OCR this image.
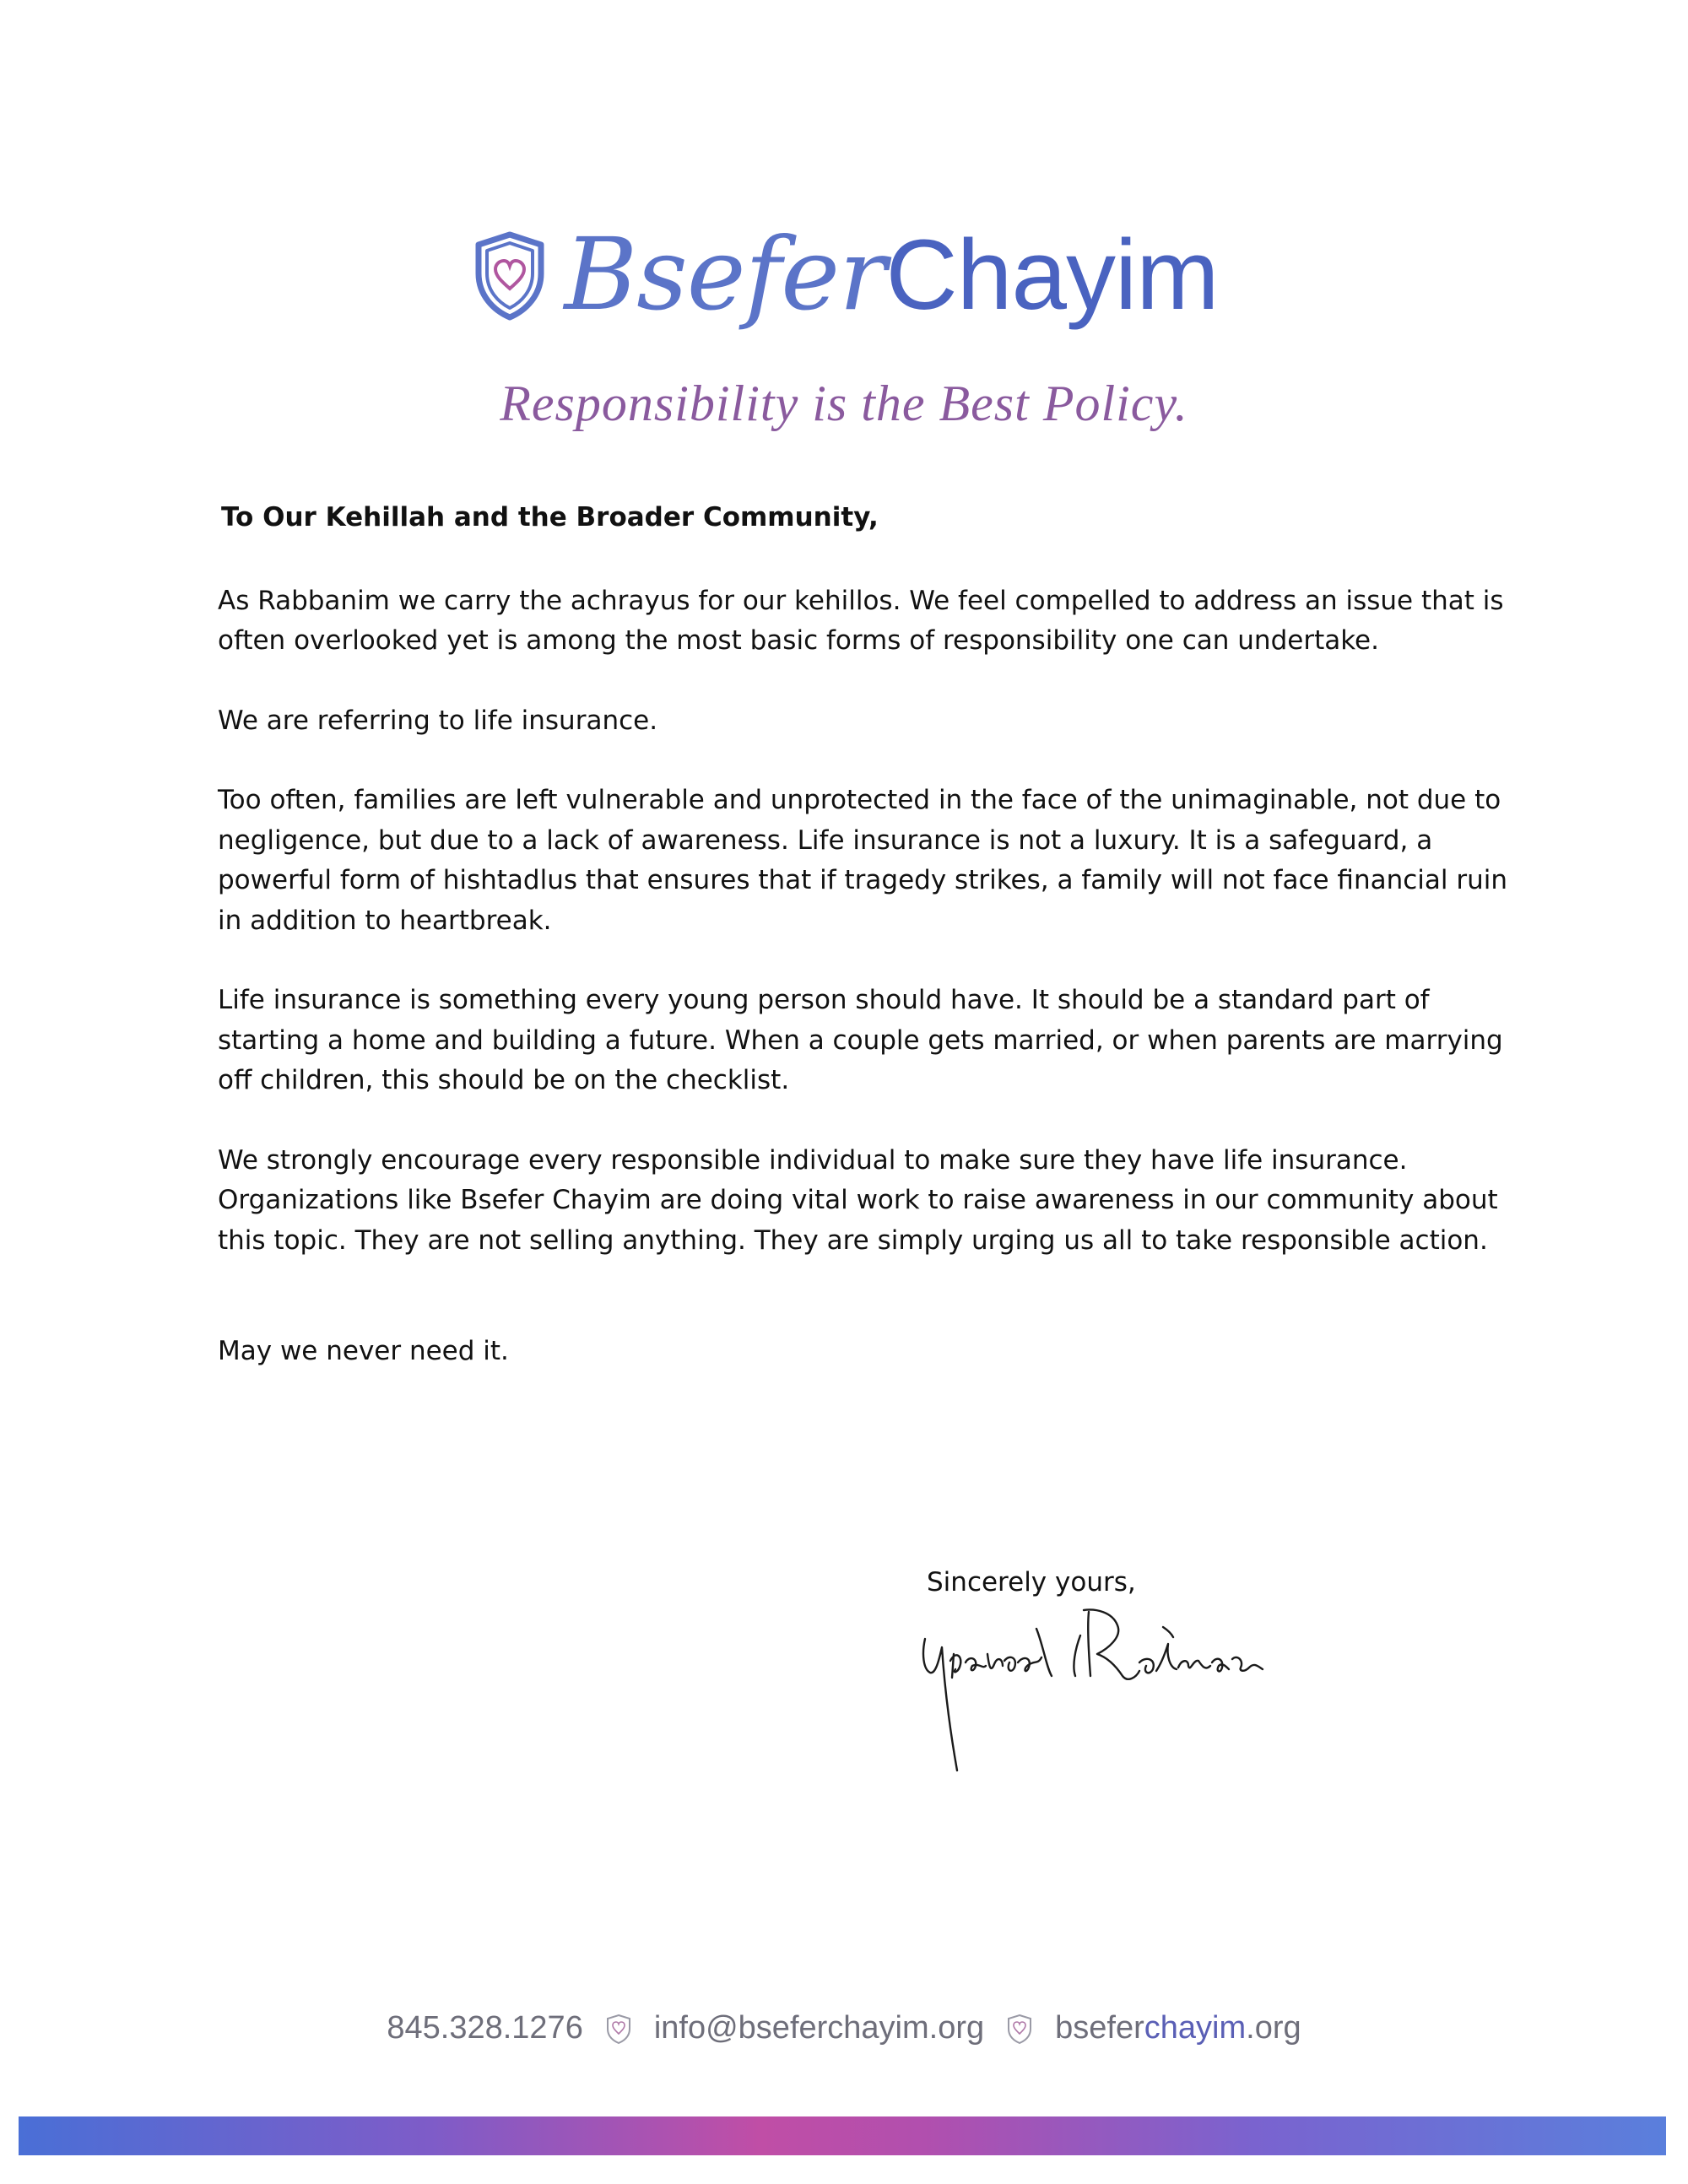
BseferChayim
Responsibility is the Best Policy.
To Our Kehillah and the Broader Community,

As Rabbanim we carry the achrayus for our kehillos. We feel compelled to address an issue that is often overlooked yet is among the most basic forms of responsibility one can undertake.

We are referring to life insurance.

Too often, families are left vulnerable and unprotected in the face of the unimaginable, not due to negligence, but due to a lack of awareness. Life insurance is not a luxury. It is a safeguard, a powerful form of hishtadlus that ensures that if tragedy strikes, a family will not face financial ruin in addition to heartbreak.

Life insurance is something every young person should have. It should be a standard part of starting a home and building a future. When a couple gets married, or when parents are marrying off children, this should be on the checklist.

We strongly encourage every responsible individual to make sure they have life insurance. Organizations like Bsefer Chayim are doing vital work to raise awareness in our community about this topic. They are not selling anything. They are simply urging us all to take responsible action.

May we never need it.

Sincerely yours,
845.328.1276 info@bseferchayim.org bseferchayim.org
